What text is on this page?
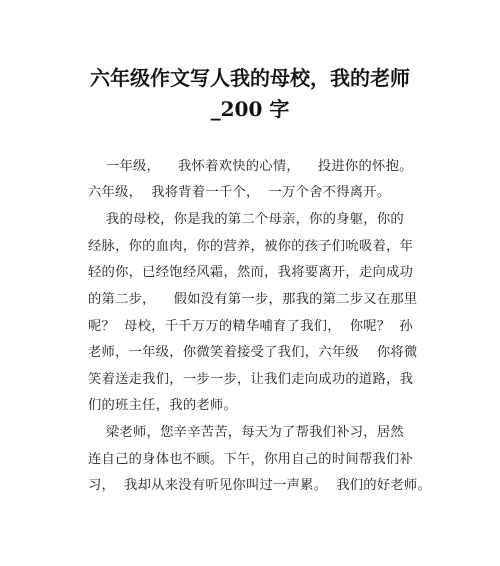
六年级作文写人我的母校，我的老师
_200 字
一年级，    我怀着欢快的心情，    投进你的怀抱。
六年级，  我将背着一千个，  一万个舍不得离开。
我的母校，你是我的第二个母亲，你的身躯，你的
经脉，你的血肉，你的营养，被你的孩子们吮吸着，年
轻的你，已经饱经风霜，然而，我将要离开，走向成功
的第二步，    假如没有第一步，那我的第二步又在那里
呢？  母校，千千万万的精华哺育了我们，  你呢？  孙
老师，一年级，你微笑着接受了我们，六年级    你将微
笑着送走我们，一步一步，让我们走向成功的道路，我
们的班主任，我的老师。
梁老师，您辛辛苦苦，每天为了帮我们补习，居然
连自己的身体也不顾。下午，你用自己的时间帮我们补
习，  我却从来没有听见你叫过一声累。  我们的好老师。
